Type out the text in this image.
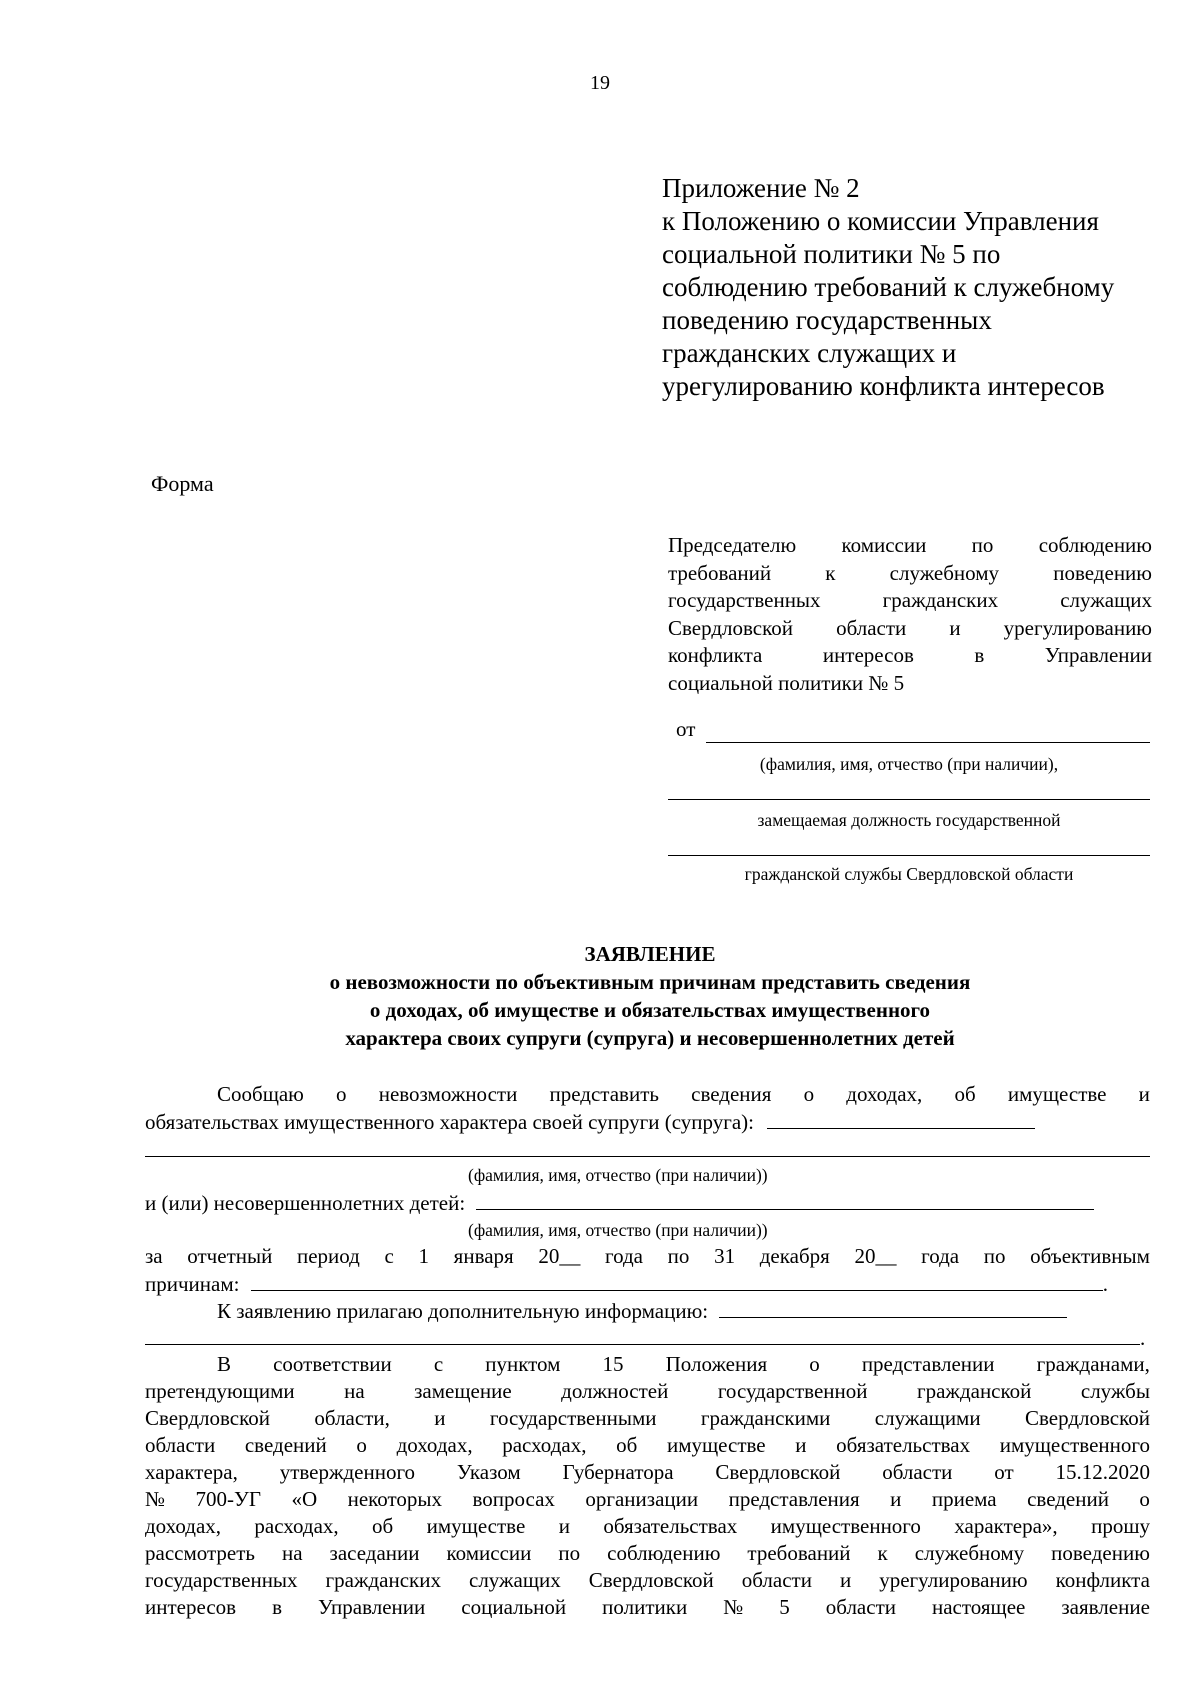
19
Приложение № 2
к Положению о комиссии Управления
социальной политики № 5 по
соблюдению требований к служебному
поведению государственных
гражданских служащих и
урегулированию конфликта интересов
Форма
Председателю комиссии по соблюдению
требований	к	служебному	поведению
государственных	гражданских	служащих
Свердловской области и урегулированию
конфликта	интересов	в	Управлении
социальной политики № 5
от
(фамилия, имя, отчество (при наличии),
замещаемая должность государственной
гражданской службы Свердловской области
ЗАЯВЛЕНИЕ
о невозможности по объективным причинам представить сведения
о доходах, об имуществе и обязательствах имущественного
характера своих супруги (супруга) и несовершеннолетних детей
Сообщаю о невозможности представить сведения о доходах, об имуществе и
обязательствах имущественного характера своей супруги (супруга):
(фамилия, имя, отчество (при наличии))
и (или) несовершеннолетних детей:
(фамилия, имя, отчество (при наличии))
за отчетный период с 1 января 20__ года по 31 декабря 20__ года по объективным
причинам:	.
К заявлению прилагаю дополнительную информацию:
.
В соответствии с пунктом 15 Положения о представлении гражданами,
претендующими на замещение должностей государственной гражданской службы
Свердловской области, и государственными гражданскими служащими Свердловской
области сведений о доходах, расходах, об имуществе и обязательствах имущественного
характера, утвержденного Указом Губернатора Свердловской области от 15.12.2020
№ 700-УГ «О некоторых вопросах организации представления и приема сведений о
доходах, расходах, об имуществе и обязательствах имущественного характера», прошу
рассмотреть на заседании комиссии по соблюдению требований к служебному поведению
государственных гражданских служащих Свердловской области и урегулированию конфликта
интересов в Управлении социальной политики № 5 области настоящее заявление
